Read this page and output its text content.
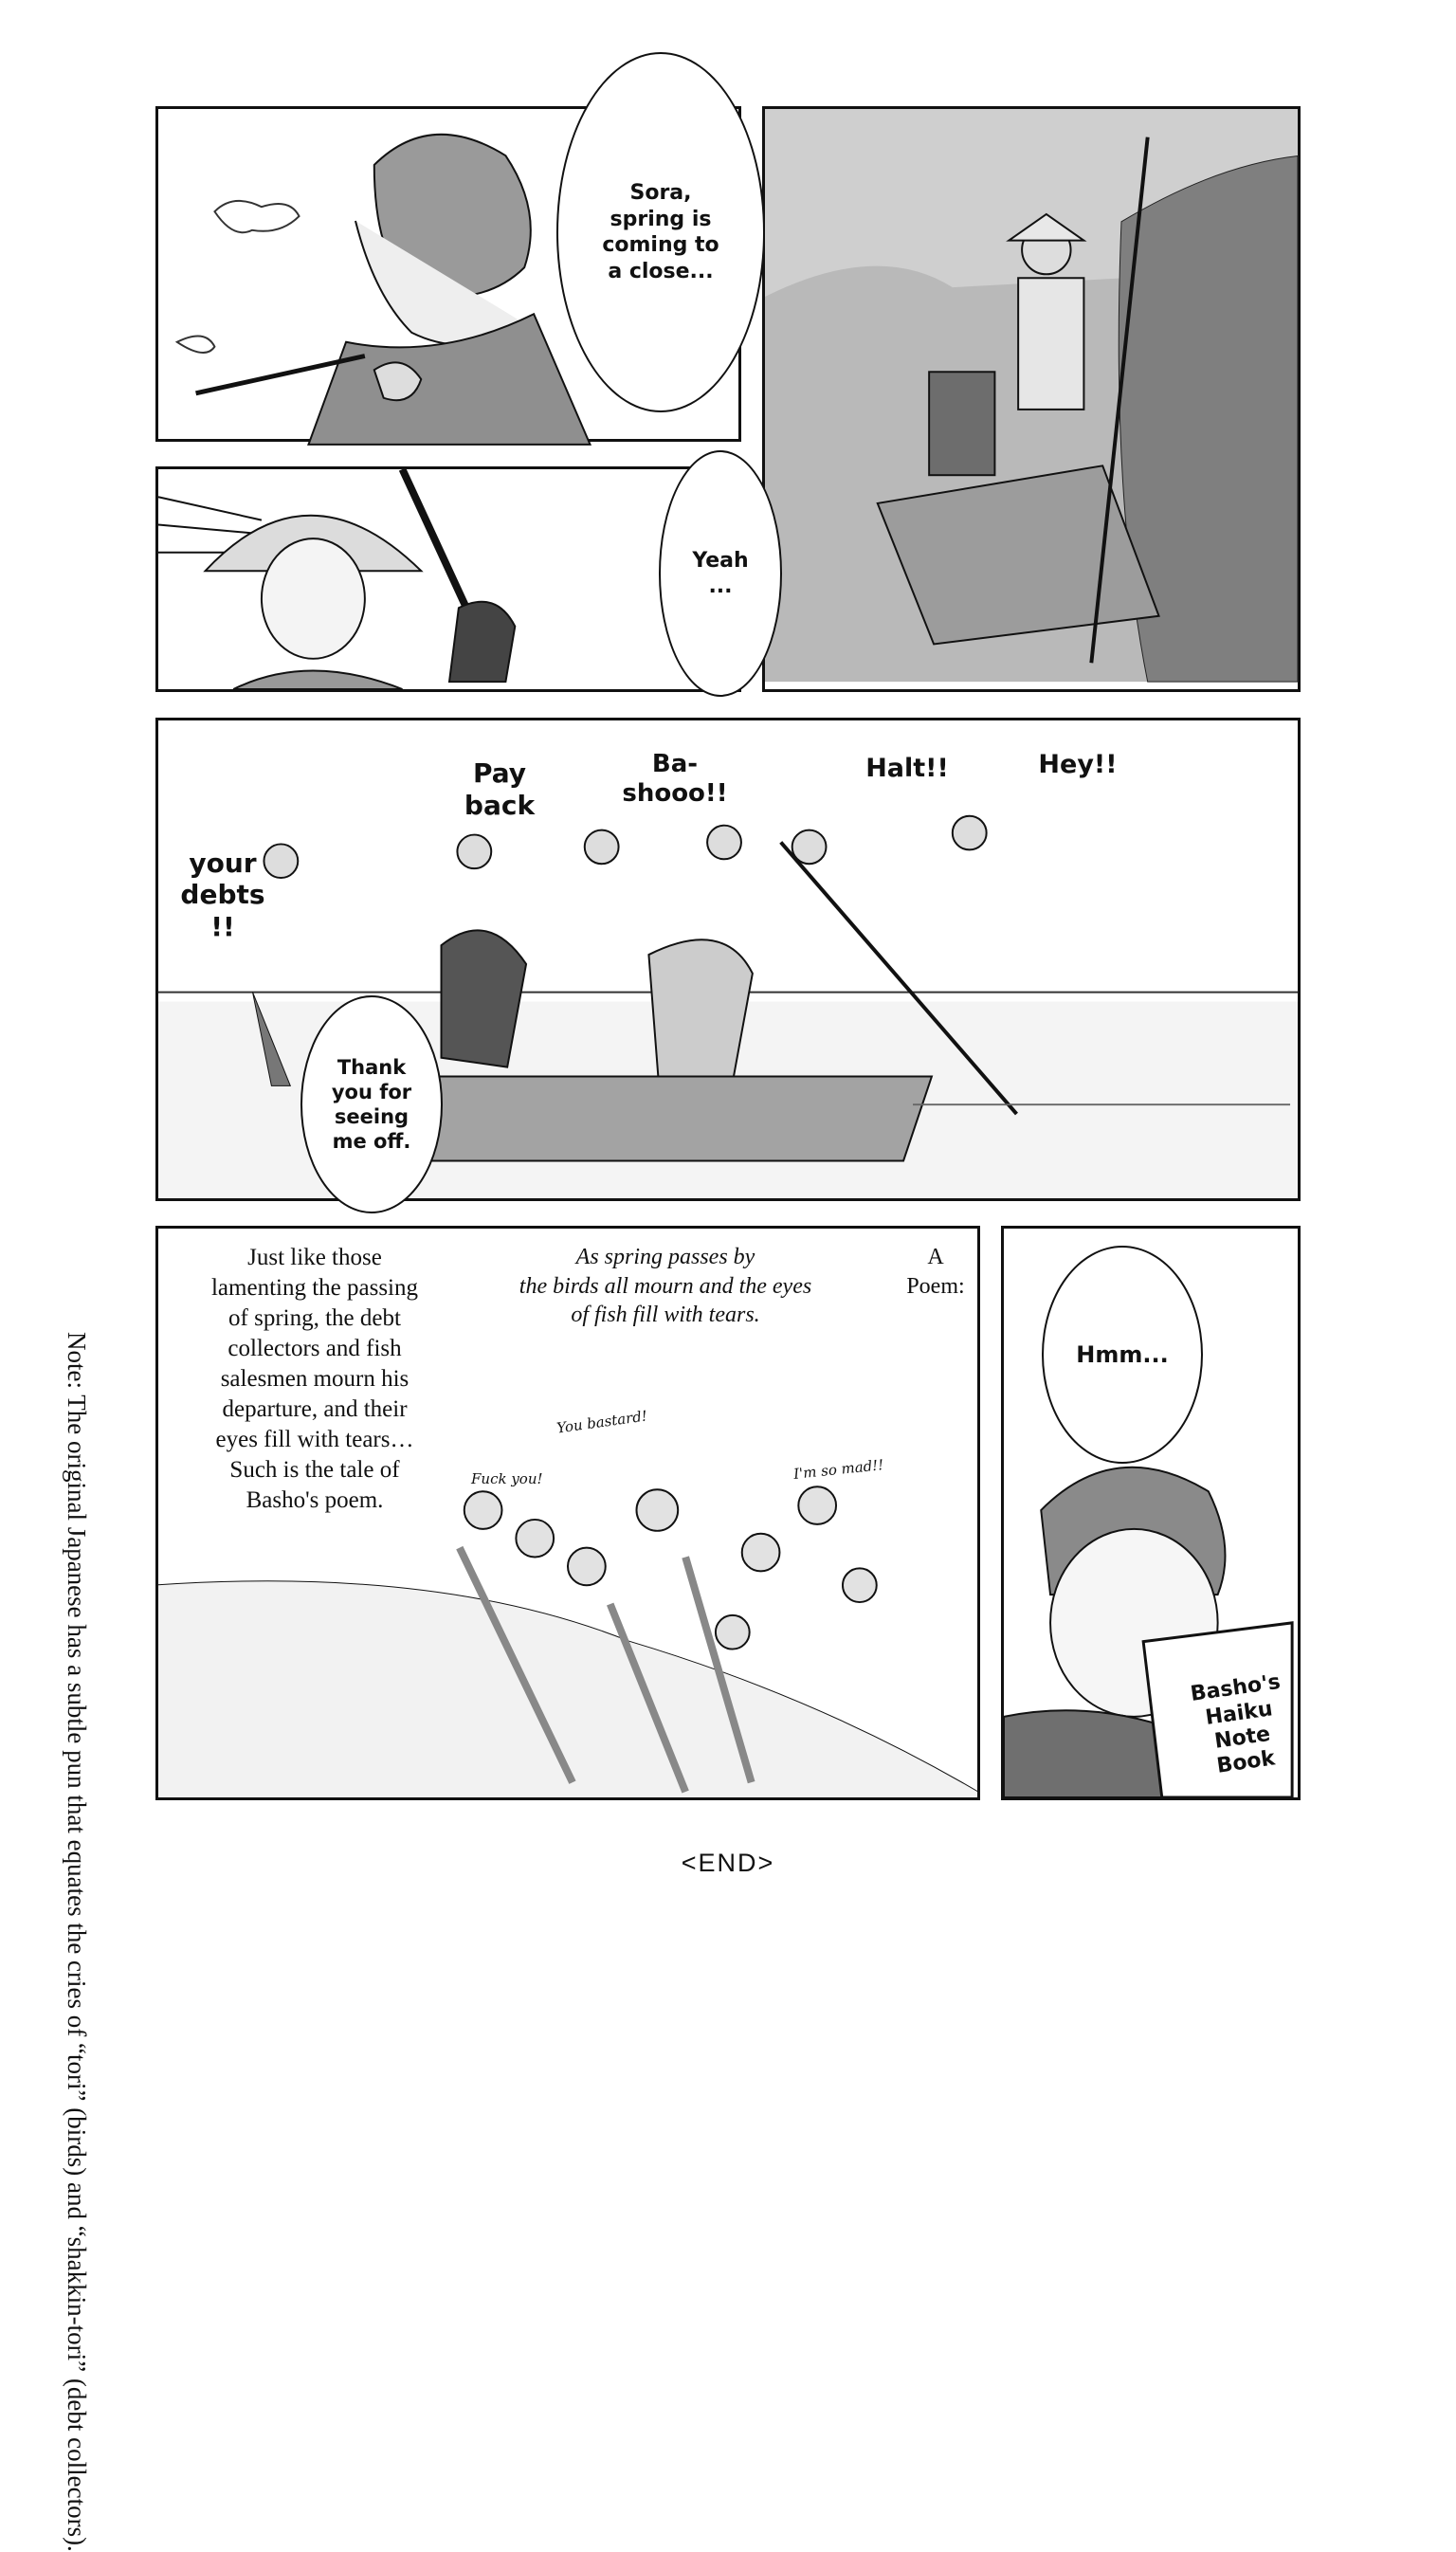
Sora,
spring is
coming to
a close...
Yeah
...
Pay
back
Ba-
shooo!!
Halt!!	Hey!!
your
debts
!!
Thank
you for
seeing
me off.
Just like those
lamenting the passing
of spring, the debt
collectors and fish
salesmen mourn his
departure, and their
eyes fill with tears…
Such is the tale of
Basho's poem.
As spring passes by
the birds all mourn and the eyes
of fish fill with tears.
A
Poem:
You bastard!
Fuck you!	I'm so mad!!
Hmm...
Basho's
Haiku
Note
Book
Note: The original Japanese has a subtle pun that equates the cries of “tori” (birds) and “shakkin-tori” (debt collectors).	<END>
